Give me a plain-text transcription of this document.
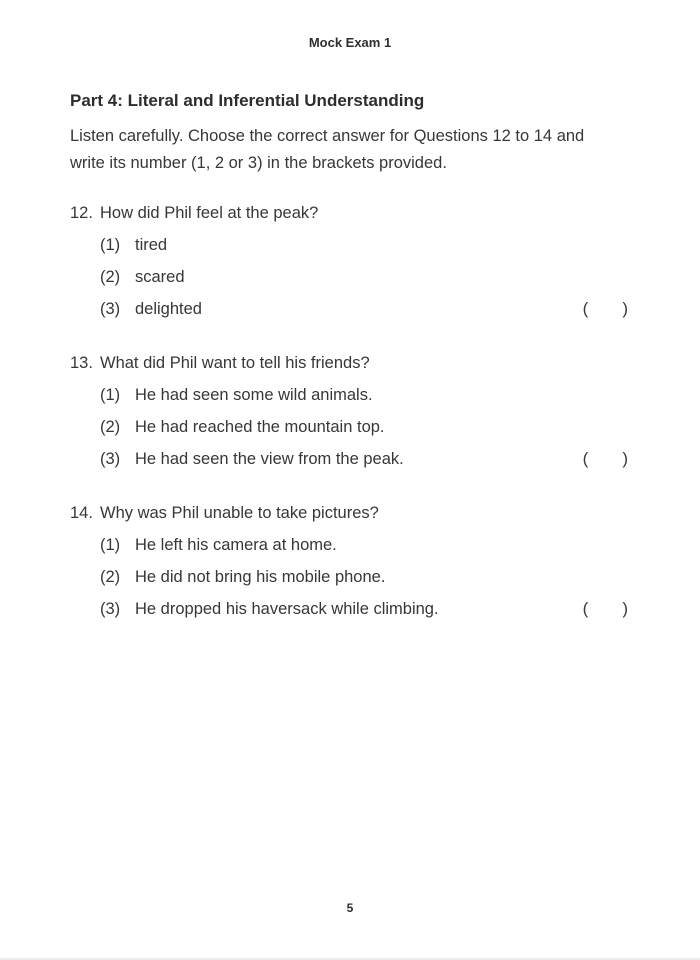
Mock Exam 1
Part 4: Literal and Inferential Understanding
Listen carefully. Choose the correct answer for Questions 12 to 14 and write its number (1, 2 or 3) in the brackets provided.
12. How did Phil feel at the peak?
(1) tired
(2) scared
(3) delighted	( )
13. What did Phil want to tell his friends?
(1) He had seen some wild animals.
(2) He had reached the mountain top.
(3) He had seen the view from the peak.	( )
14. Why was Phil unable to take pictures?
(1) He left his camera at home.
(2) He did not bring his mobile phone.
(3) He dropped his haversack while climbing.	( )
5
